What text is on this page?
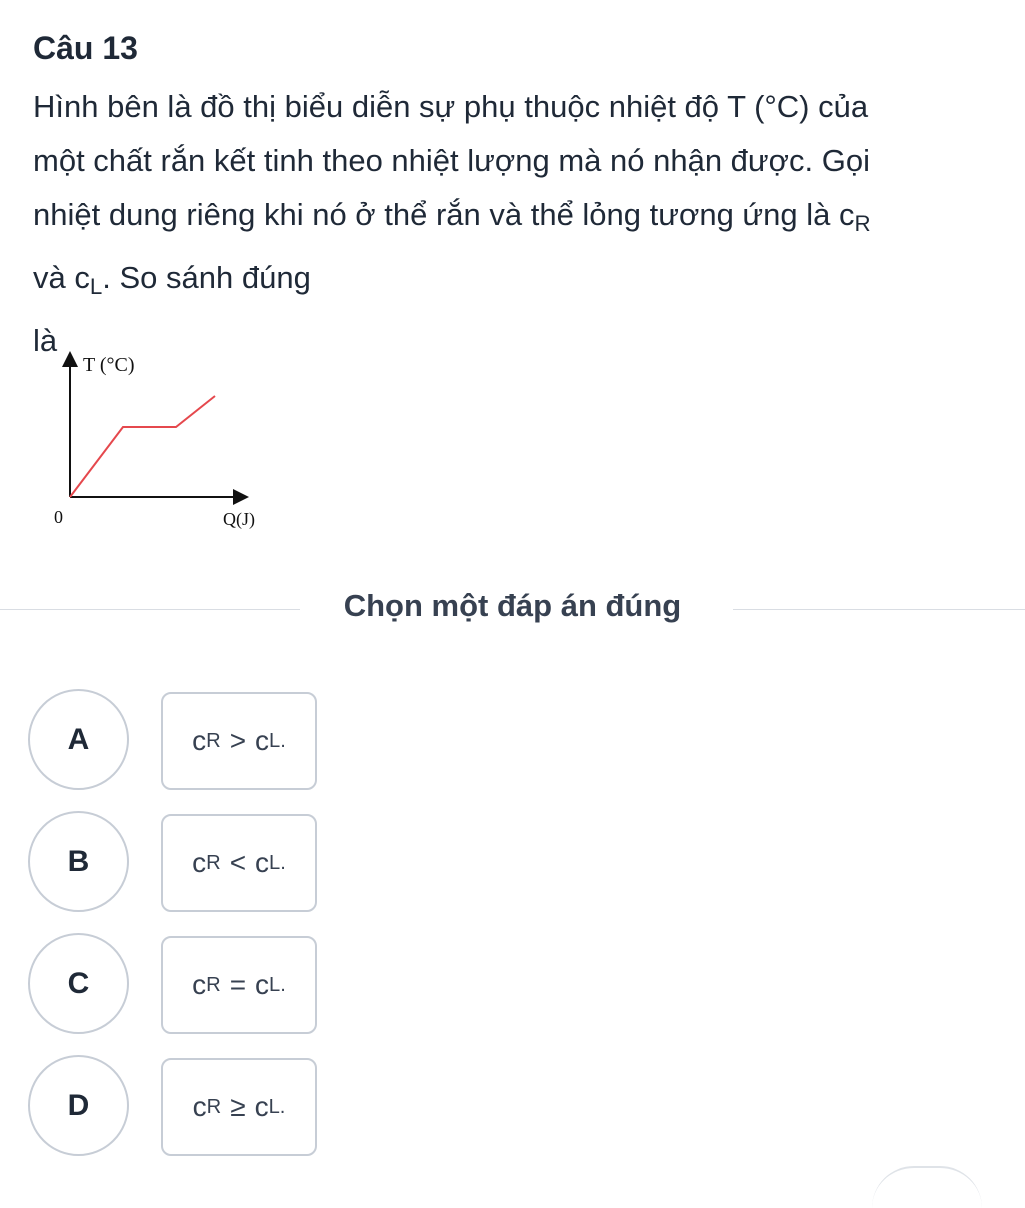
Câu 13
Hình bên là đồ thị biểu diễn sự phụ thuộc nhiệt độ T (°C) của
một chất rắn kết tinh theo nhiệt lượng mà nó nhận được. Gọi
nhiệt dung riêng khi nó ở thể rắn và thể lỏng tương ứng là $c_R$
và $c_L$. So sánh đúng
là
T (°C)
Q(J)
0
Chọn một đáp án đúng
A	c R > c L.
B	c R < c L.
C	c R = c L.
D	c R ≥ c L.
